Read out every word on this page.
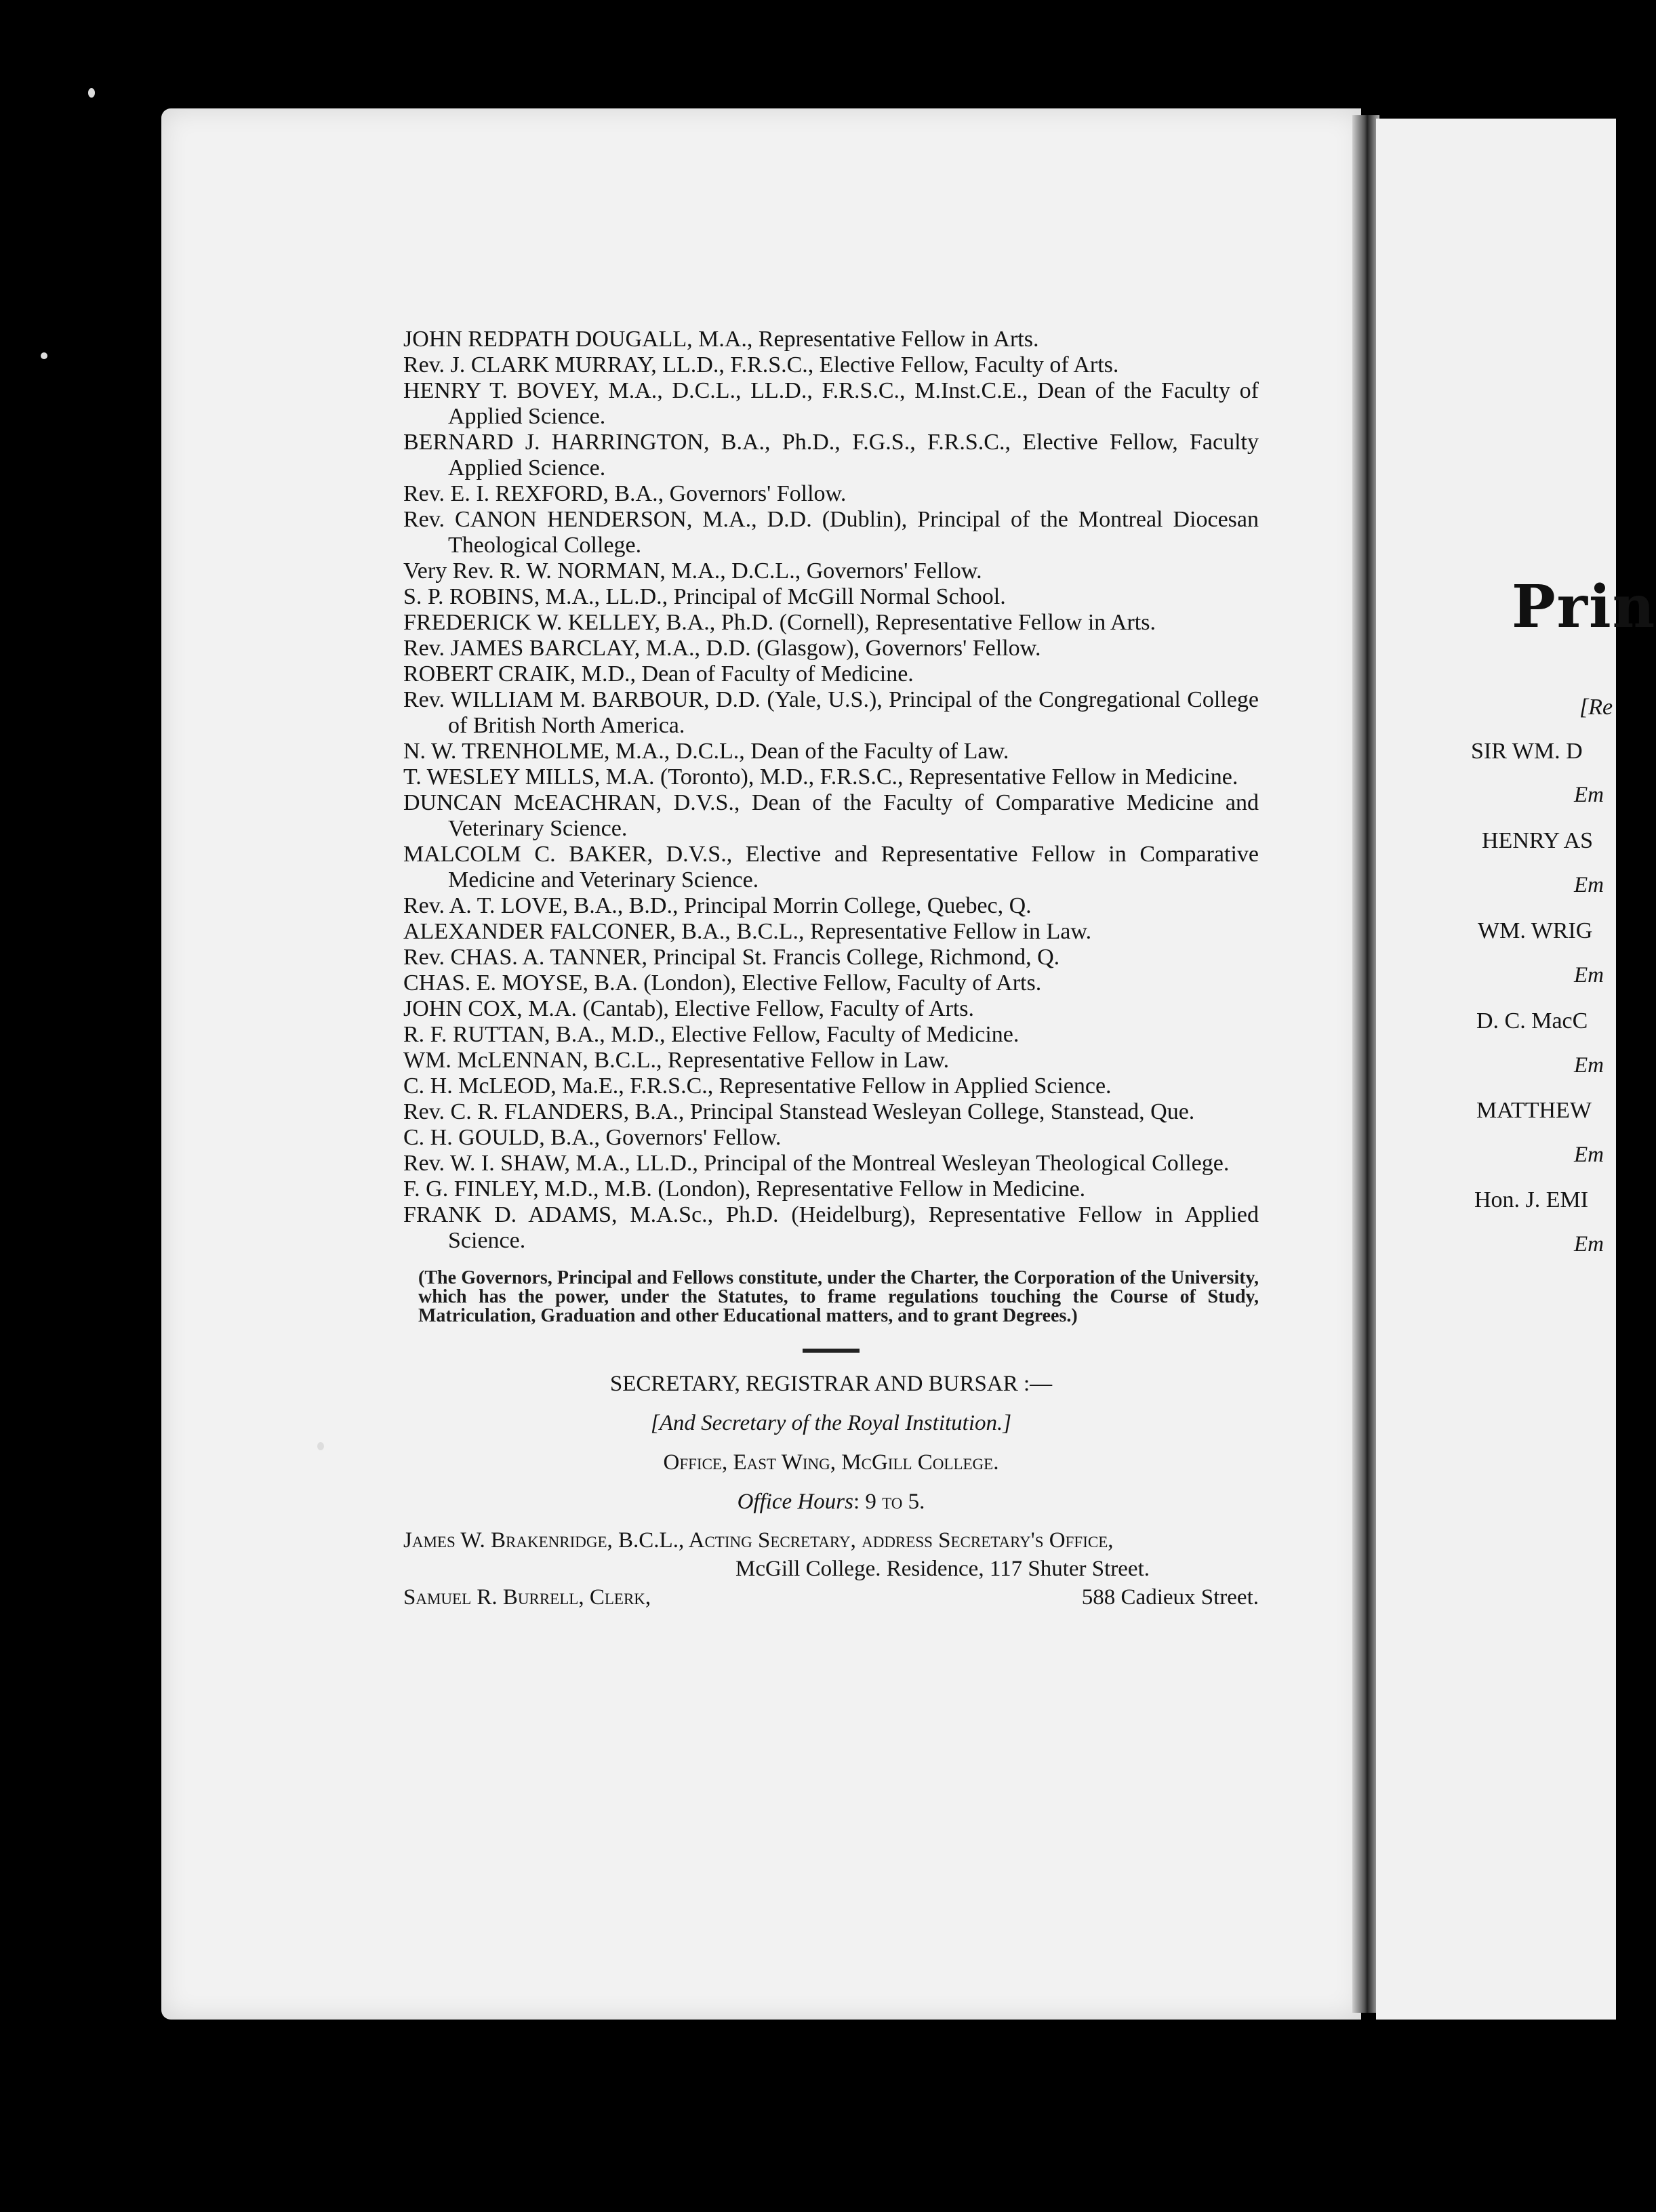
JOHN REDPATH DOUGALL, M.A., Representative Fellow in Arts.

Rev. J. CLARK MURRAY, LL.D., F.R.S.C., Elective Fellow, Faculty of Arts.

HENRY T. BOVEY, M.A., D.C.L., LL.D., F.R.S.C., M.Inst.C.E., Dean of the Faculty of Applied Science.

BERNARD J. HARRINGTON, B.A., Ph.D., F.G.S., F.R.S.C., Elective Fellow, Faculty Applied Science.

Rev. E. I. REXFORD, B.A., Governors' Follow.

Rev. CANON HENDERSON, M.A., D.D. (Dublin), Principal of the Montreal Diocesan Theological College.

Very Rev. R. W. NORMAN, M.A., D.C.L., Governors' Fellow.

S. P. ROBINS, M.A., LL.D., Principal of McGill Normal School.

FREDERICK W. KELLEY, B.A., Ph.D. (Cornell), Representative Fellow in Arts.

Rev. JAMES BARCLAY, M.A., D.D. (Glasgow), Governors' Fellow.

ROBERT CRAIK, M.D., Dean of Faculty of Medicine.

Rev. WILLIAM M. BARBOUR, D.D. (Yale, U.S.), Principal of the Congregational College of British North America.

N. W. TRENHOLME, M.A., D.C.L., Dean of the Faculty of Law.

T. WESLEY MILLS, M.A. (Toronto), M.D., F.R.S.C., Representative Fellow in Medicine.

DUNCAN McEACHRAN, D.V.S., Dean of the Faculty of Comparative Medicine and Veterinary Science.

MALCOLM C. BAKER, D.V.S., Elective and Representative Fellow in Comparative Medicine and Veterinary Science.

Rev. A. T. LOVE, B.A., B.D., Principal Morrin College, Quebec, Q.

ALEXANDER FALCONER, B.A., B.C.L., Representative Fellow in Law.

Rev. CHAS. A. TANNER, Principal St. Francis College, Richmond, Q.

CHAS. E. MOYSE, B.A. (London), Elective Fellow, Faculty of Arts.

JOHN COX, M.A. (Cantab), Elective Fellow, Faculty of Arts.

R. F. RUTTAN, B.A., M.D., Elective Fellow, Faculty of Medicine.

WM. McLENNAN, B.C.L., Representative Fellow in Law.

C. H. McLEOD, Ma.E., F.R.S.C., Representative Fellow in Applied Science.

Rev. C. R. FLANDERS, B.A., Principal Stanstead Wesleyan College, Stanstead, Que.

C. H. GOULD, B.A., Governors' Fellow.

Rev. W. I. SHAW, M.A., LL.D., Principal of the Montreal Wesleyan Theological College.

F. G. FINLEY, M.D., M.B. (London), Representative Fellow in Medicine.

FRANK D. ADAMS, M.A.Sc., Ph.D. (Heidelburg), Representative Fellow in Applied Science.

(The Governors, Principal and Fellows constitute, under the Charter, the Corporation of the University, which has the power, under the Statutes, to frame regulations touching the Course of Study, Matriculation, Graduation and other Educational matters, and to grant Degrees.)

SECRETARY, REGISTRAR AND BURSAR :—

[And Secretary of the Royal Institution.]

Office, East Wing, McGill College.

Office Hours: 9 to 5.

James W. Brakenridge, B.C.L., Acting Secretary, address Secretary's Office,

McGill College. Residence, 117 Shuter Street.

Samuel R. Burrell, Clerk,	588 Cadieux Street.
Prin
[Re
SIR WM. D
Em
HENRY AS
Em
WM. WRIG
Em
D. C. MacC
Em
MATTHEW
Em
Hon. J. EMI
Em
